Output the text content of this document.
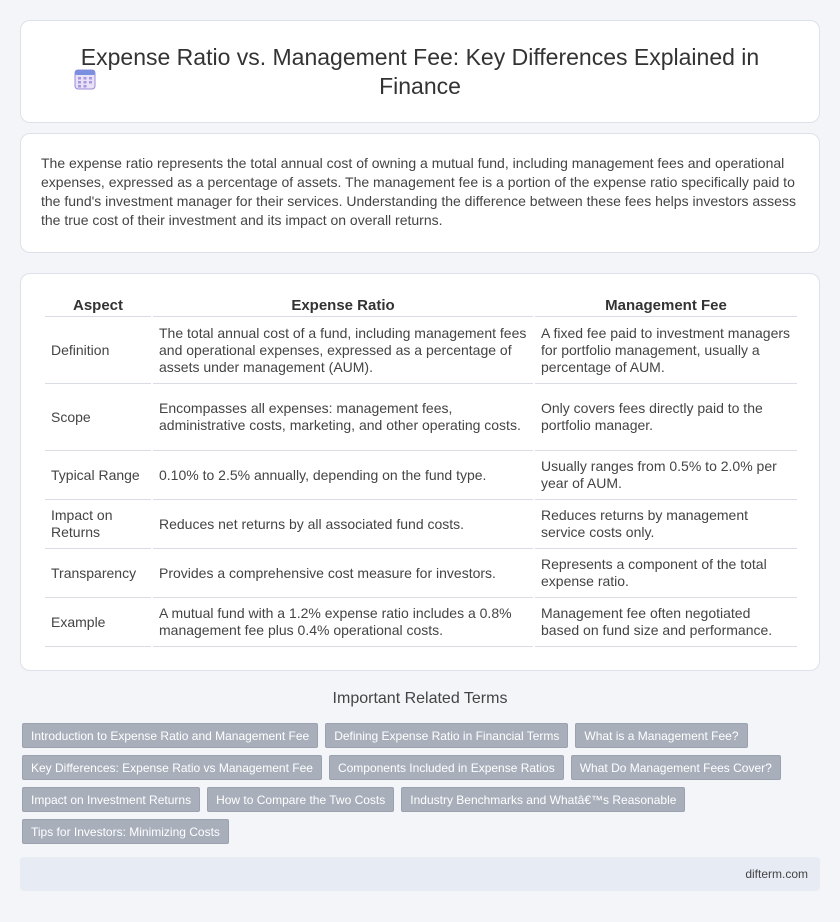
Expense Ratio vs. Management Fee: Key Differences Explained in Finance

The expense ratio represents the total annual cost of owning a mutual fund, including management fees and operational expenses, expressed as a percentage of assets. The management fee is a portion of the expense ratio specifically paid to the fund's investment manager for their services. Understanding the difference between these fees helps investors assess the true cost of their investment and its impact on overall returns.

Aspect	Expense Ratio	Management Fee
Definition	The total annual cost of a fund, including management fees and operational expenses, expressed as a percentage of assets under management (AUM).	A fixed fee paid to investment managers for portfolio management, usually a percentage of AUM.
Scope	Encompasses all expenses: management fees, administrative costs, marketing, and other operating costs.	Only covers fees directly paid to the portfolio manager.
Typical Range	0.10% to 2.5% annually, depending on the fund type.	Usually ranges from 0.5% to 2.0% per year of AUM.
Impact on Returns	Reduces net returns by all associated fund costs.	Reduces returns by management service costs only.
Transparency	Provides a comprehensive cost measure for investors.	Represents a component of the total expense ratio.
Example	A mutual fund with a 1.2% expense ratio includes a 0.8% management fee plus 0.4% operational costs.	Management fee often negotiated based on fund size and performance.
Important Related Terms
Introduction to Expense Ratio and Management Fee	Defining Expense Ratio in Financial Terms	What is a Management Fee?
Key Differences: Expense Ratio vs Management Fee	Components Included in Expense Ratios	What Do Management Fees Cover?
Impact on Investment Returns	How to Compare the Two Costs	Industry Benchmarks and Whatâ€™s Reasonable
Tips for Investors: Minimizing Costs
difterm.com
